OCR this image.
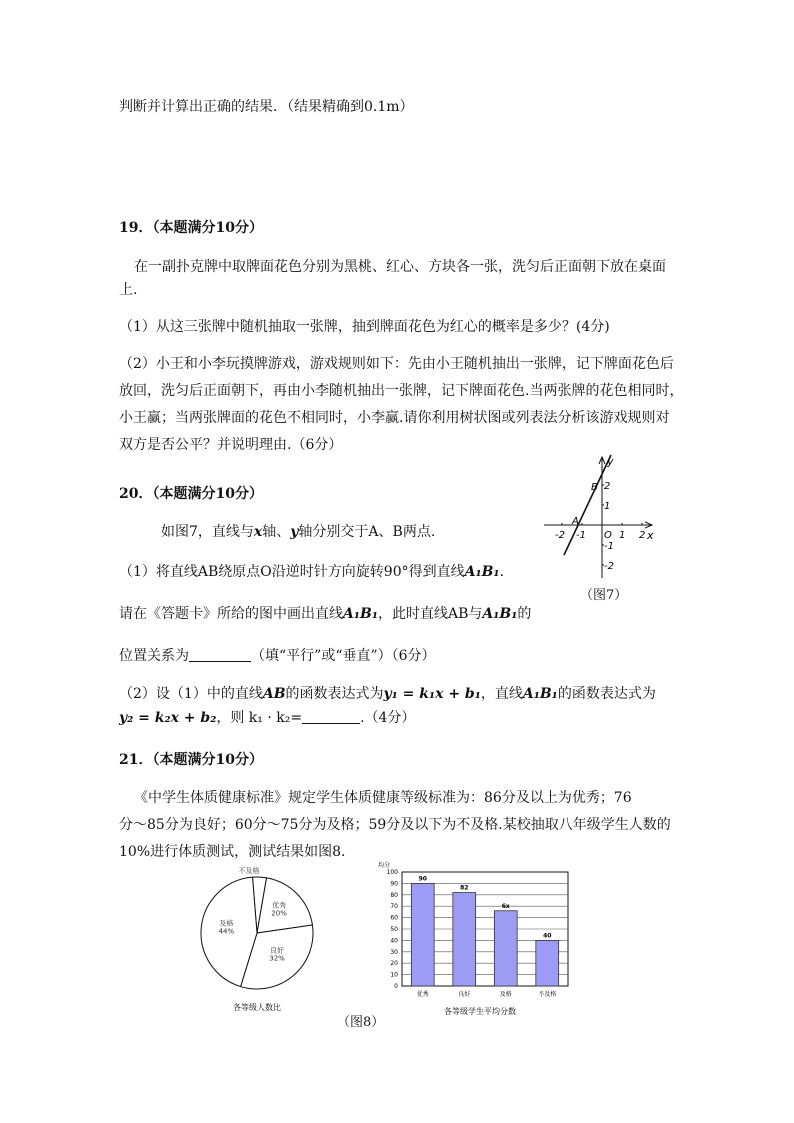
判断并计算出正确的结果．（结果精确到0.1m）
19．（本题满分10分）
在一副扑克牌中取牌面花色分别为黑桃、红心、方块各一张，洗匀后正面朝下放在桌面
上.
（1）从这三张牌中随机抽取一张牌，抽到牌面花色为红心的概率是多少？(4分)
（2）小王和小李玩摸牌游戏，游戏规则如下：先由小王随机抽出一张牌，记下牌面花色后
放回，洗匀后正面朝下，再由小李随机抽出一张牌，记下牌面花色.当两张牌的花色相同时，
小王赢；当两张牌面的花色不相同时，小李赢.请你利用树状图或列表法分析该游戏规则对
双方是否公平？并说明理由.（6分）
20．（本题满分10分）
如图7，直线与x轴、y轴分别交于A、B两点.
（1）将直线AB绕原点O沿逆时针方向旋转90°得到直线A₁B₁.
请在《答题卡》所给的图中画出直线A₁B₁，此时直线AB与A₁B₁的
位置关系为	（填“平行”或“垂直”）（6分）
（2）设（1）中的直线AB的函数表达式为y₁ = k₁x + b₁，直线A₁B₁的函数表达式为
y₂ = k₂x + b₂，则 k₁ · k₂=	.（4分）
y
x
O
A
B
-2 -1	1 2
2
1
-1
-2
（图7）
21．（本题满分10分）
《中学生体质健康标准》规定学生体质健康等级标准为：86分及以上为优秀；76
分～85分为良好；60分～75分为及格；59分及以下为不及格.某校抽取八年级学生人数的
10%进行体质测试，测试结果如图8.
不及格
优秀
20%
良好
32%
及格
44%
各等级人数比
均分
0
10
20
30
40
50
60
70
80
90
100
90
优秀
82
良好
6x
及格
40
不及格
各等级学生平均分数
（图8）
